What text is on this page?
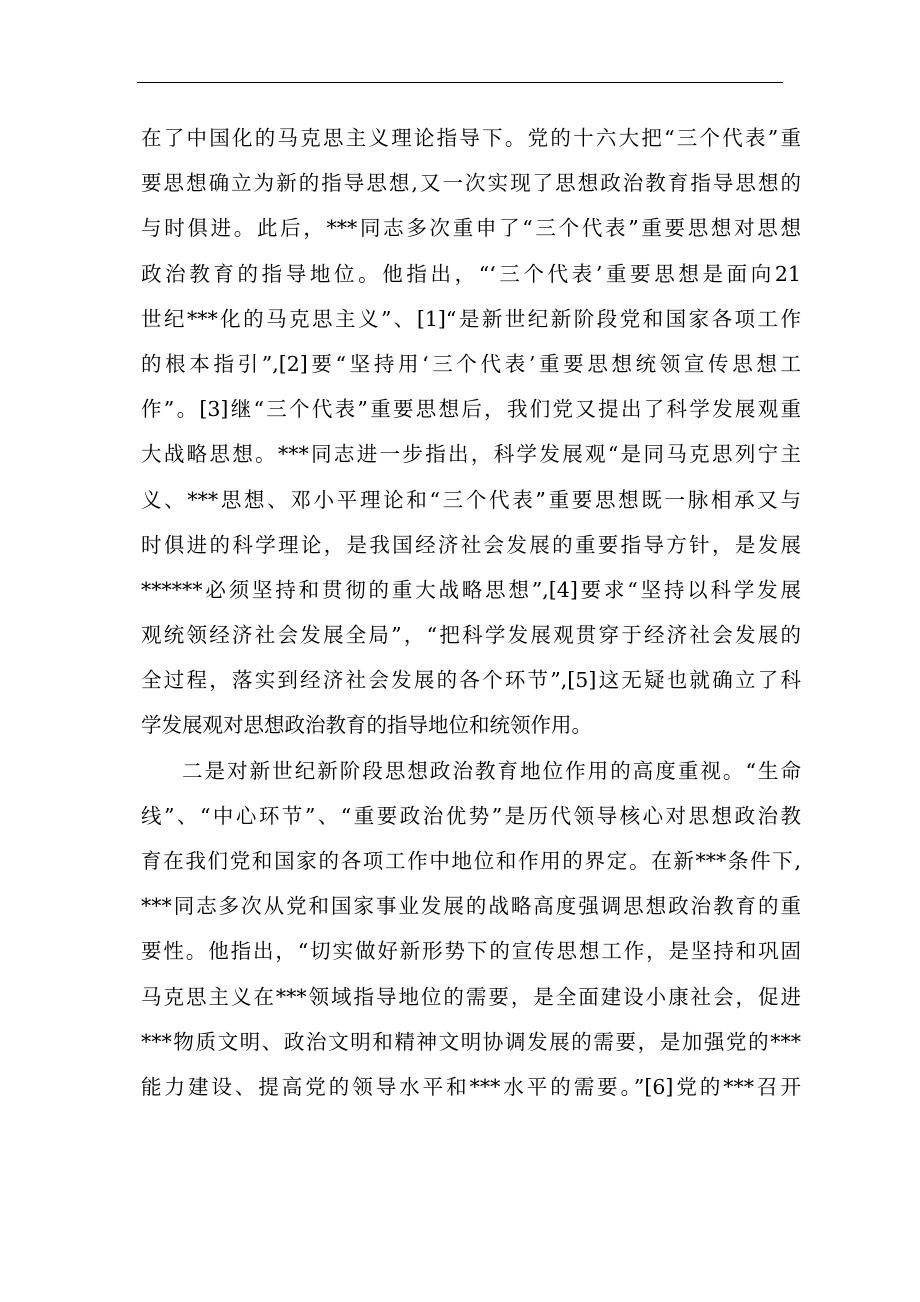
在了中国化的马克思主义理论指导下。党的十六大把“三个代表”重
要思想确立为新的指导思想,又一次实现了思想政治教育指导思想的
与时俱进。此后，***同志多次重申了“三个代表”重要思想对思想
政治教育的指导地位。他指出，“‘三个代表’重要思想是面向21
世纪***化的马克思主义”、[1]“是新世纪新阶段党和国家各项工作
的根本指引”,[2]要“坚持用‘三个代表’重要思想统领宣传思想工
作”。[3]继“三个代表”重要思想后，我们党又提出了科学发展观重
大战略思想。***同志进一步指出，科学发展观“是同马克思列宁主
义、***思想、邓小平理论和“三个代表”重要思想既一脉相承又与
时俱进的科学理论，是我国经济社会发展的重要指导方针，是发展
******必须坚持和贯彻的重大战略思想”,[4]要求“坚持以科学发展
观统领经济社会发展全局”，“把科学发展观贯穿于经济社会发展的
全过程，落实到经济社会发展的各个环节”,[5]这无疑也就确立了科
学发展观对思想政治教育的指导地位和统领作用。
二是对新世纪新阶段思想政治教育地位作用的高度重视。“生命
线”、“中心环节”、“重要政治优势”是历代领导核心对思想政治教
育在我们党和国家的各项工作中地位和作用的界定。在新***条件下,
***同志多次从党和国家事业发展的战略高度强调思想政治教育的重
要性。他指出，“切实做好新形势下的宣传思想工作，是坚持和巩固
马克思主义在***领域指导地位的需要，是全面建设小康社会，促进
***物质文明、政治文明和精神文明协调发展的需要，是加强党的***
能力建设、提高党的领导水平和***水平的需要。”[6]党的***召开
